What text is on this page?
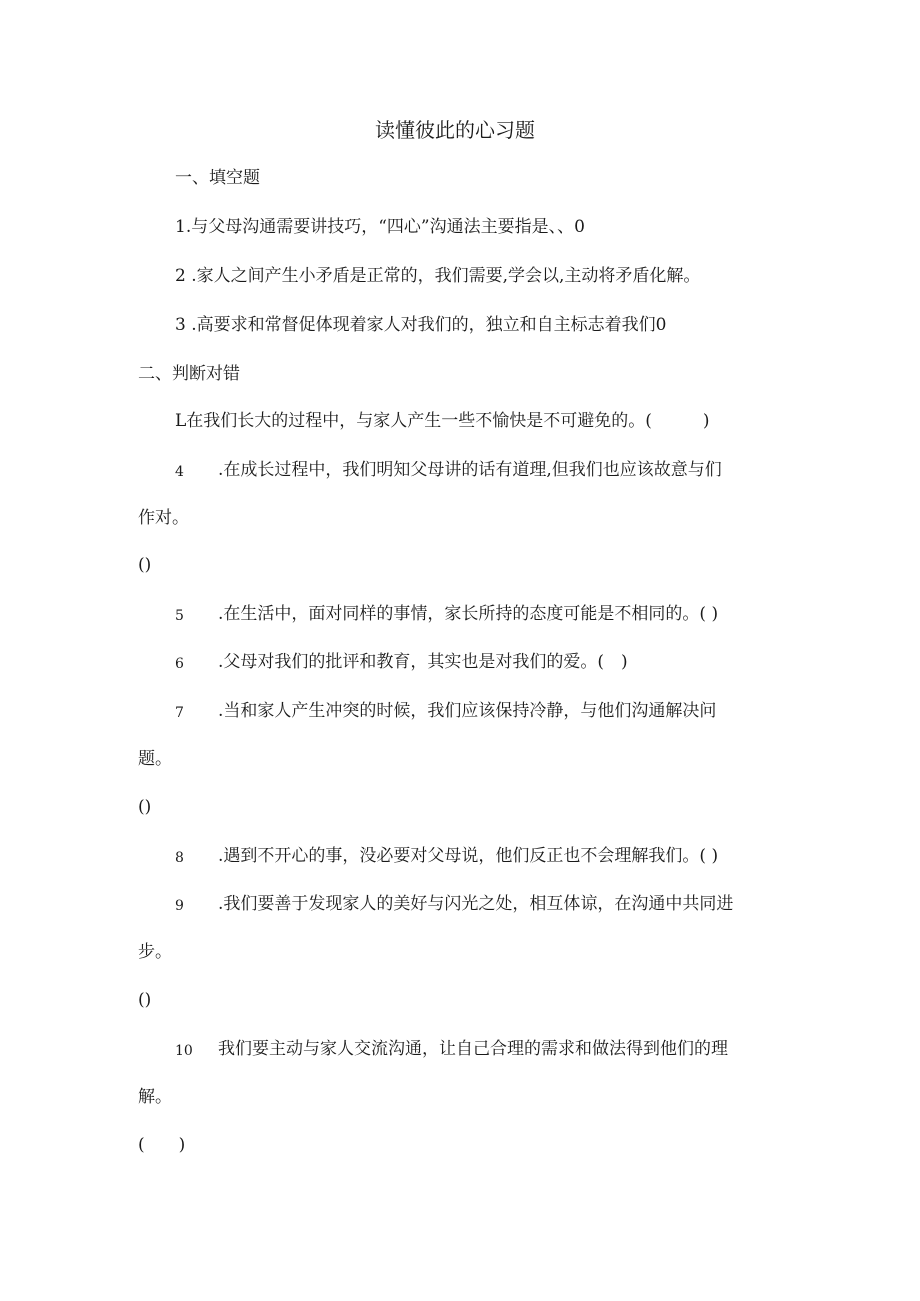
读懂彼此的心习题
一、填空题
1.与父母沟通需要讲技巧，“四心”沟通法主要指是、、0
2 .家人之间产生小矛盾是正常的，我们需要,学会以,主动将矛盾化解。
3 .高要求和常督促体现着家人对我们的，独立和自主标志着我们0
二、判断对错
L在我们长大的过程中，与家人产生一些不愉快是不可避免的。(　　　)
4 .在成长过程中，我们明知父母讲的话有道理,但我们也应该故意与们
作对。
()
5 .在生活中，面对同样的事情，家长所持的态度可能是不相同的。( )
6 .父母对我们的批评和教育，其实也是对我们的爱。(　)
7 .当和家人产生冲突的时候，我们应该保持冷静，与他们沟通解决问
题。
()
8 .遇到不开心的事，没必要对父母说，他们反正也不会理解我们。( )
9 .我们要善于发现家人的美好与闪光之处，相互体谅，在沟通中共同进
步。
()
10 我们要主动与家人交流沟通，让自己合理的需求和做法得到他们的理
解。
(　　)
